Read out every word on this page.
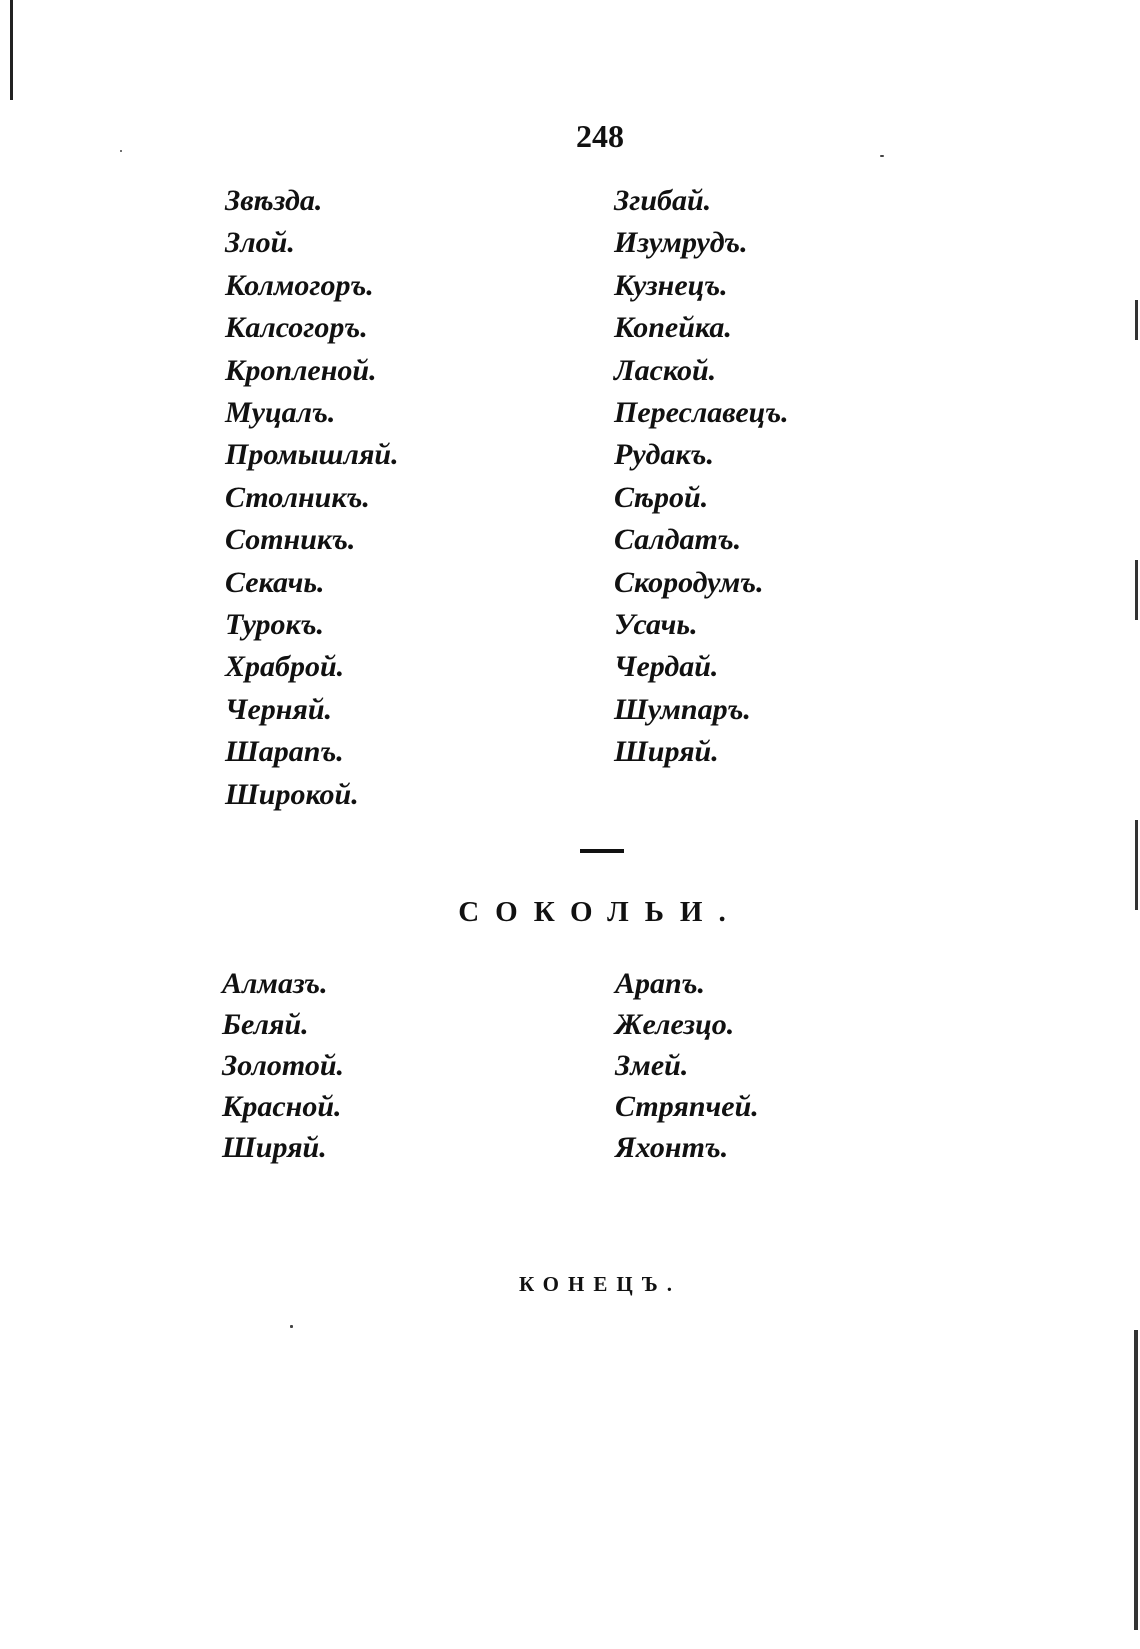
248
Звѣзда.
Злой.
Колмогоръ.
Калсогоръ.
Кропленой.
Муцалъ.
Промышляй.
Столникъ.
Сотникъ.
Секачь.
Турокъ.
Храброй.
Черняй.
Шарапъ.
Широкой.
Згибай.
Изумрудъ.
Кузнецъ.
Копейка.
Лаской.
Переславецъ.
Рудакъ.
Сѣрой.
Салдатъ.
Скородумъ.
Усачь.
Чердай.
Шумпаръ.
Ширяй.
СОКОЛЬИ.
Алмазъ.
Беляй.
Золотой.
Красной.
Ширяй.
Арапъ.
Железцо.
Змей.
Стряпчей.
Яхонтъ.
КОНЕЦЪ.
